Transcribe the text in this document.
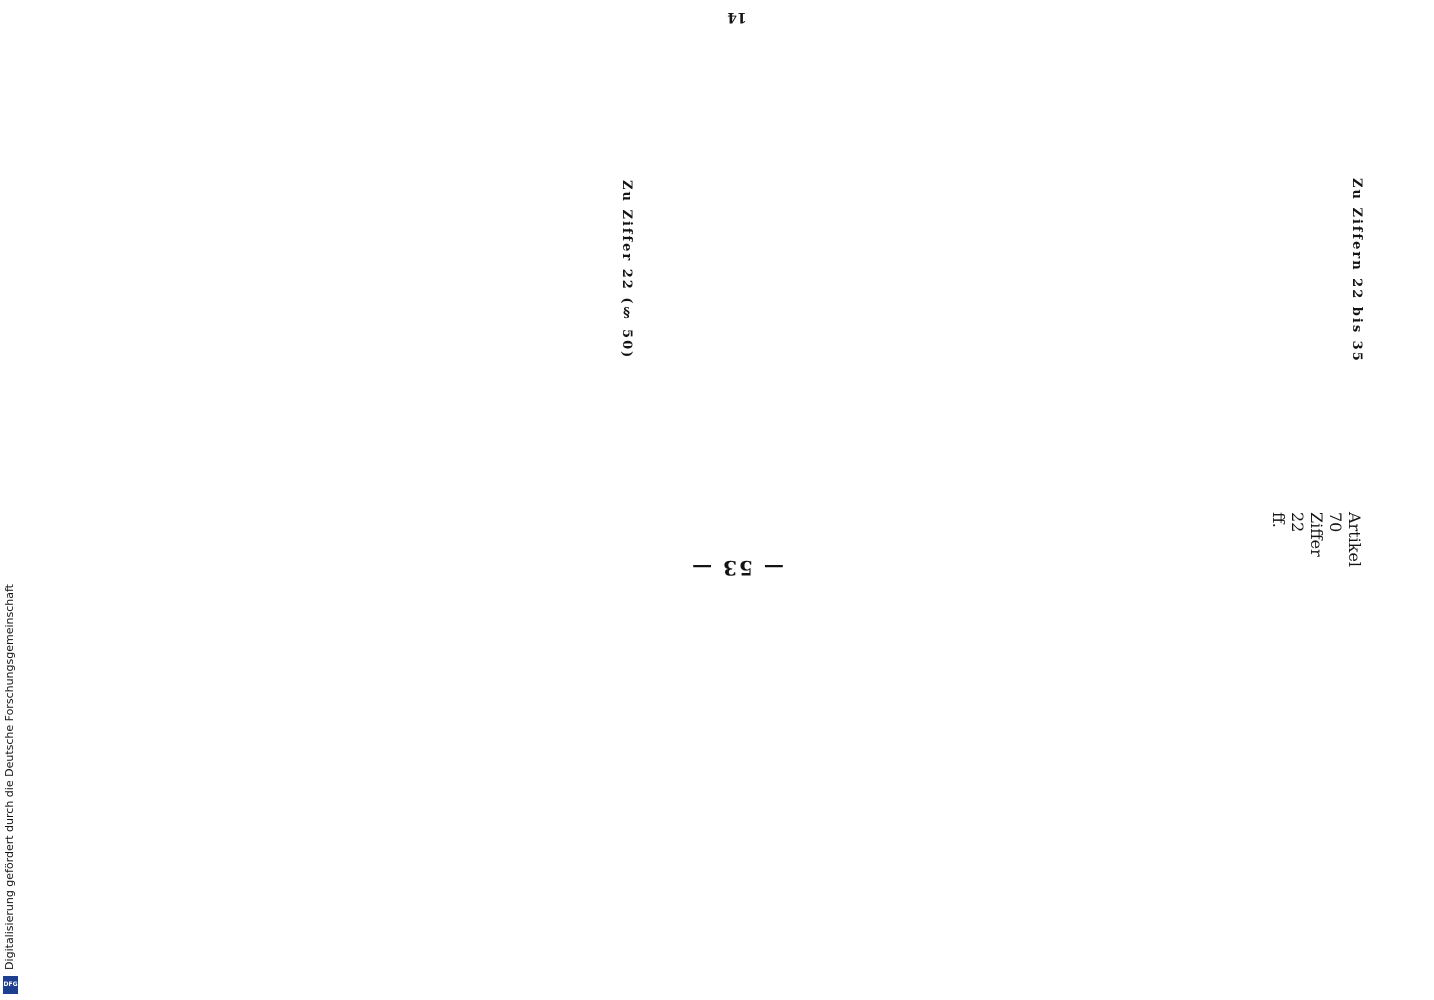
Digitalisierung gefördert durch die Deutsche Forschungsgemeinschaft
DFG
— 53 —
Artikel 70 Ziffer 22 ff.

Zu Ziffern 22 bis 35

Zu Ziffer 22 (§ 50)

14
